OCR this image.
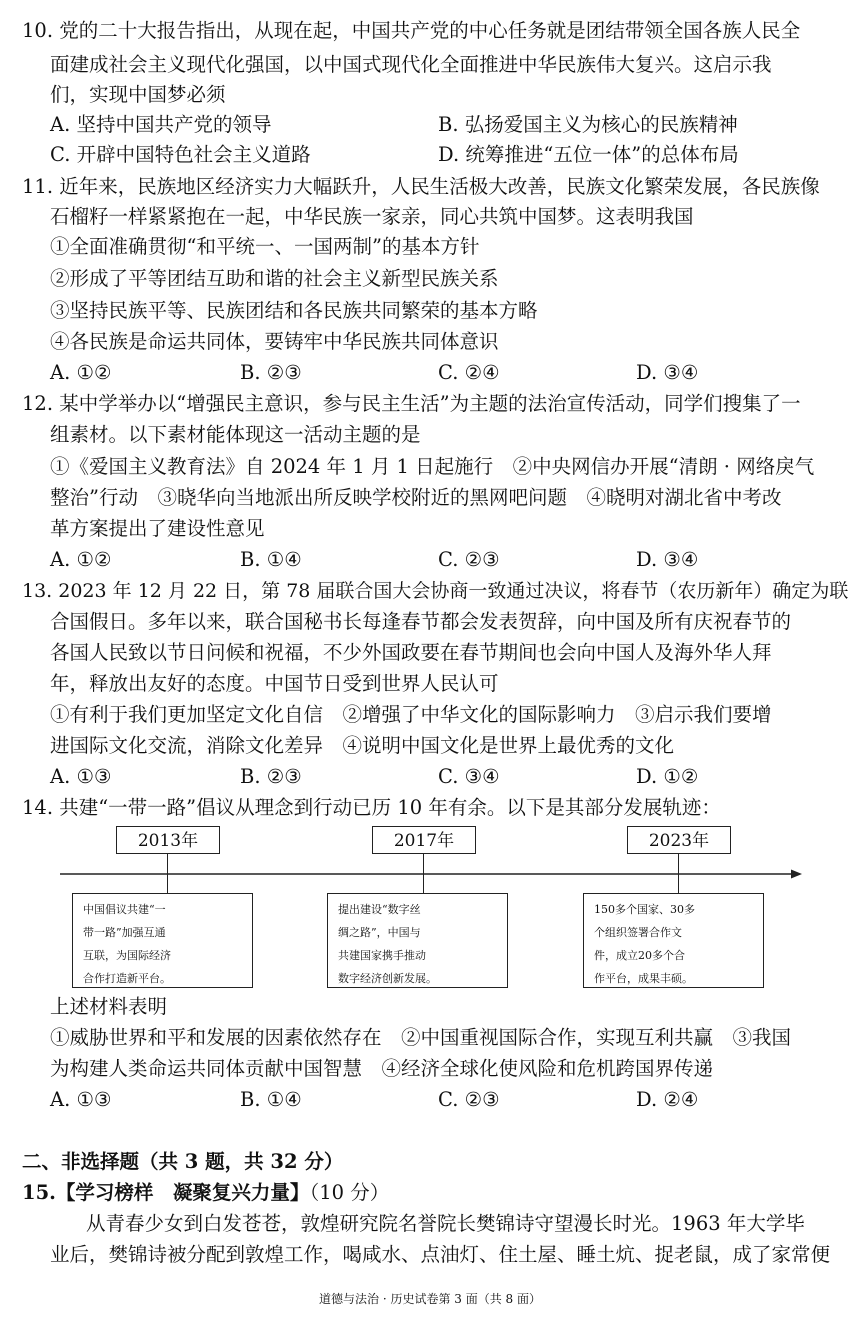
10. 党的二十大报告指出，从现在起，中国共产党的中心任务就是团结带领全国各族人民全
面建成社会主义现代化强国，以中国式现代化全面推进中华民族伟大复兴。这启示我
们，实现中国梦必须
A. 坚持中国共产党的领导	B. 弘扬爱国主义为核心的民族精神
C. 开辟中国特色社会主义道路	D. 统筹推进“五位一体”的总体布局
11. 近年来，民族地区经济实力大幅跃升，人民生活极大改善，民族文化繁荣发展，各民族像
石榴籽一样紧紧抱在一起，中华民族一家亲，同心共筑中国梦。这表明我国
①全面准确贯彻“和平统一、一国两制”的基本方针
②形成了平等团结互助和谐的社会主义新型民族关系
③坚持民族平等、民族团结和各民族共同繁荣的基本方略
④各民族是命运共同体，要铸牢中华民族共同体意识
A. ①②	B. ②③	C. ②④	D. ③④
12. 某中学举办以“增强民主意识，参与民主生活”为主题的法治宣传活动，同学们搜集了一
组素材。以下素材能体现这一活动主题的是
①《爱国主义教育法》自 2024 年 1 月 1 日起施行　②中央网信办开展“清朗 · 网络戾气
整治”行动　③晓华向当地派出所反映学校附近的黑网吧问题　④晓明对湖北省中考改
革方案提出了建设性意见
A. ①②	B. ①④	C. ②③	D. ③④
13. 2023 年 12 月 22 日，第 78 届联合国大会协商一致通过决议，将春节（农历新年）确定为联
合国假日。多年以来，联合国秘书长每逢春节都会发表贺辞，向中国及所有庆祝春节的
各国人民致以节日问候和祝福，不少外国政要在春节期间也会向中国人及海外华人拜
年，释放出友好的态度。中国节日受到世界人民认可
①有利于我们更加坚定文化自信　②增强了中华文化的国际影响力　③启示我们要增
进国际文化交流，消除文化差异　④说明中国文化是世界上最优秀的文化
A. ①③	B. ②③	C. ③④	D. ①②
14. 共建“一带一路”倡议从理念到行动已历 10 年有余。以下是其部分发展轨迹：
2013年
中国倡议共建“一
带一路”加强互通
互联，为国际经济
合作打造新平台。
2017年
提出建设“数字丝
绸之路”，中国与
共建国家携手推动
数字经济创新发展。
2023年
150多个国家、30多
个组织签署合作文
件，成立20多个合
作平台，成果丰硕。
上述材料表明
①威胁世界和平和发展的因素依然存在　②中国重视国际合作，实现互利共赢　③我国
为构建人类命运共同体贡献中国智慧　④经济全球化使风险和危机跨国界传递
A. ①③	B. ①④	C. ②③	D. ②④
二、非选择题（共 3 题，共 32 分）
15.【学习榜样　凝聚复兴力量】（10 分）
从青春少女到白发苍苍，敦煌研究院名誉院长樊锦诗守望漫长时光。1963 年大学毕
业后，樊锦诗被分配到敦煌工作，喝咸水、点油灯、住土屋、睡土炕、捉老鼠，成了家常便
道德与法治 · 历史试卷第 3 面（共 8 面）
